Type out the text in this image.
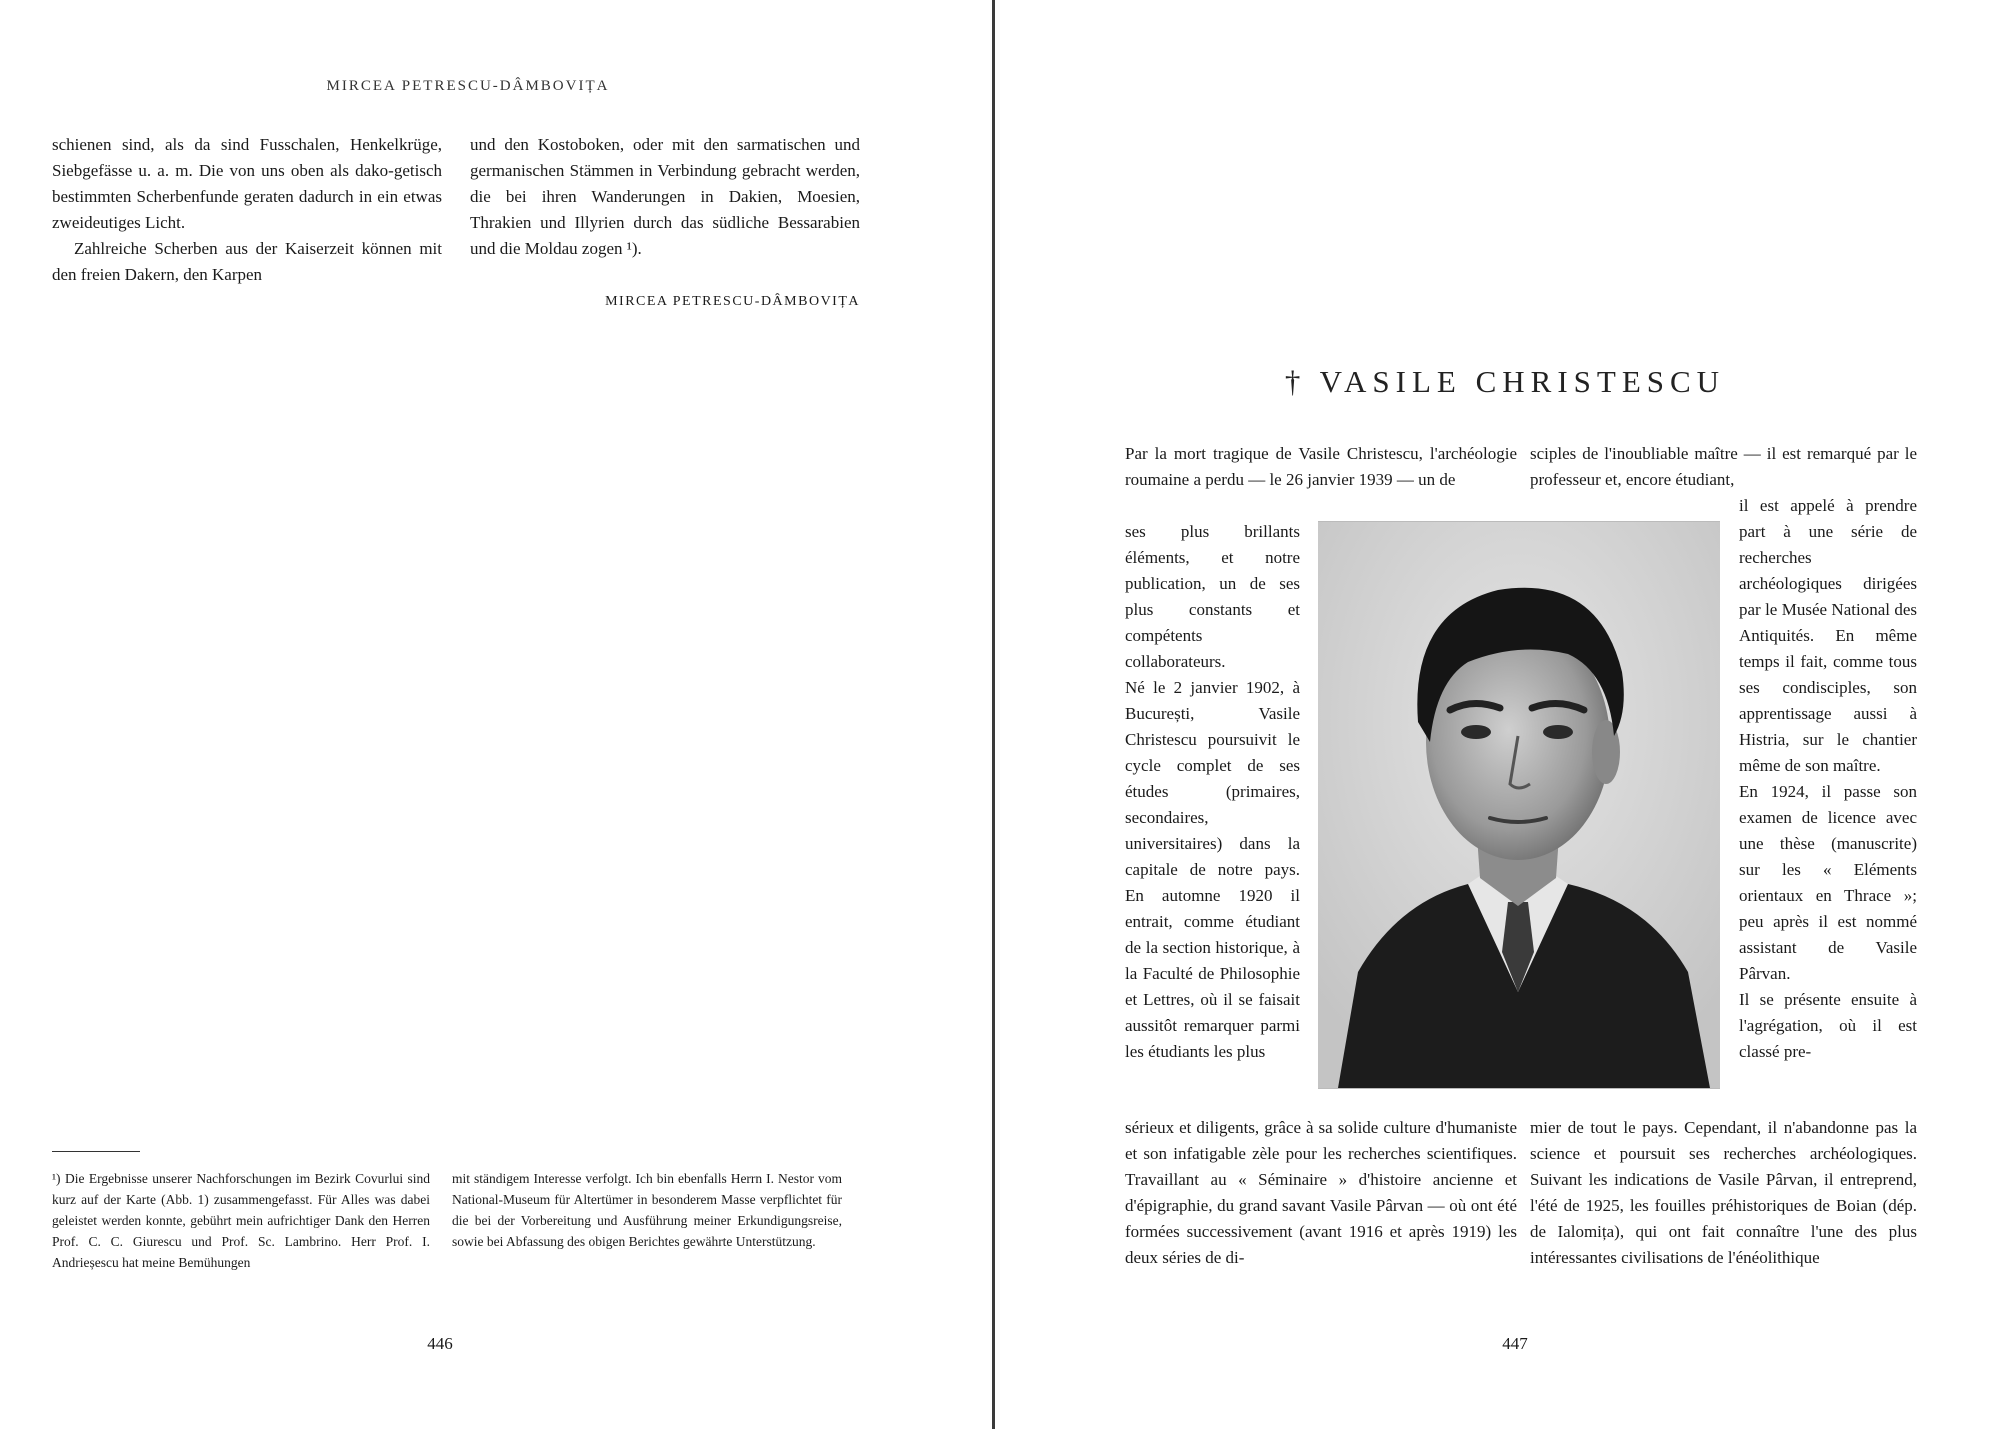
MIRCEA PETRESCU-DÂMBOVIȚA

schienen sind, als da sind Fusschalen, Henkelkrüge, Siebgefässe u. a. m. Die von uns oben als dako-getisch bestimmten Scherbenfunde geraten dadurch in ein etwas zweideutiges Licht.

Zahlreiche Scherben aus der Kaiserzeit können mit den freien Dakern, den Karpen

und den Kostoboken, oder mit den sarmatischen und germanischen Stämmen in Verbindung gebracht werden, die bei ihren Wanderungen in Dakien, Moesien, Thrakien und Illyrien durch das südliche Bessarabien und die Moldau zogen ¹).

MIRCEA PETRESCU-DÂMBOVIȚA

¹) Die Ergebnisse unserer Nachforschungen im Bezirk Covurlui sind kurz auf der Karte (Abb. 1) zusammengefasst. Für Alles was dabei geleistet werden konnte, gebührt mein aufrichtiger Dank den Herren Prof. C. C. Giurescu und Prof. Sc. Lambrino. Herr Prof. I. Andrieșescu hat meine Bemühungen

mit ständigem Interesse verfolgt. Ich bin ebenfalls Herrn I. Nestor vom National-Museum für Altertümer in besonderem Masse verpflichtet für die bei der Vorbereitung und Ausführung meiner Erkundigungsreise, sowie bei Abfassung des obigen Berichtes gewährte Unterstützung.

446
† VASILE CHRISTESCU

Par la mort tragique de Vasile Christescu, l'archéologie roumaine a perdu — le 26 janvier 1939 — un de

ses plus brillants éléments, et notre publication, un de ses plus constants et compétents collaborateurs.

Né le 2 janvier 1902, à București, Vasile Christescu poursuivit le cycle complet de ses études (primaires, secondaires, universitaires) dans la capitale de notre pays. En automne 1920 il entrait, comme étudiant de la section historique, à la Faculté de Philosophie et Lettres, où il se faisait aussitôt remarquer parmi les étudiants les plus

sérieux et diligents, grâce à sa solide culture d'humaniste et son infatigable zèle pour les recherches scientifiques. Travaillant au « Séminaire » d'histoire ancienne et d'épigraphie, du grand savant Vasile Pârvan — où ont été formées successivement (avant 1916 et après 1919) les deux séries de di-

sciples de l'inoubliable maître — il est remarqué par le professeur et, encore étudiant,

il est appelé à prendre part à une série de recherches archéologiques dirigées par le Musée National des Antiquités. En même temps il fait, comme tous ses condisciples, son apprentissage aussi à Histria, sur le chantier même de son maître.

En 1924, il passe son examen de licence avec une thèse (manuscrite) sur les « Eléments orientaux en Thrace »; peu après il est nommé assistant de Vasile Pârvan.

Il se présente ensuite à l'agrégation, où il est classé pre-

mier de tout le pays. Cependant, il n'abandonne pas la science et poursuit ses recherches archéologiques. Suivant les indications de Vasile Pârvan, il entreprend, l'été de 1925, les fouilles préhistoriques de Boian (dép. de Ialomița), qui ont fait connaître l'une des plus intéressantes civilisations de l'énéolithique

447
